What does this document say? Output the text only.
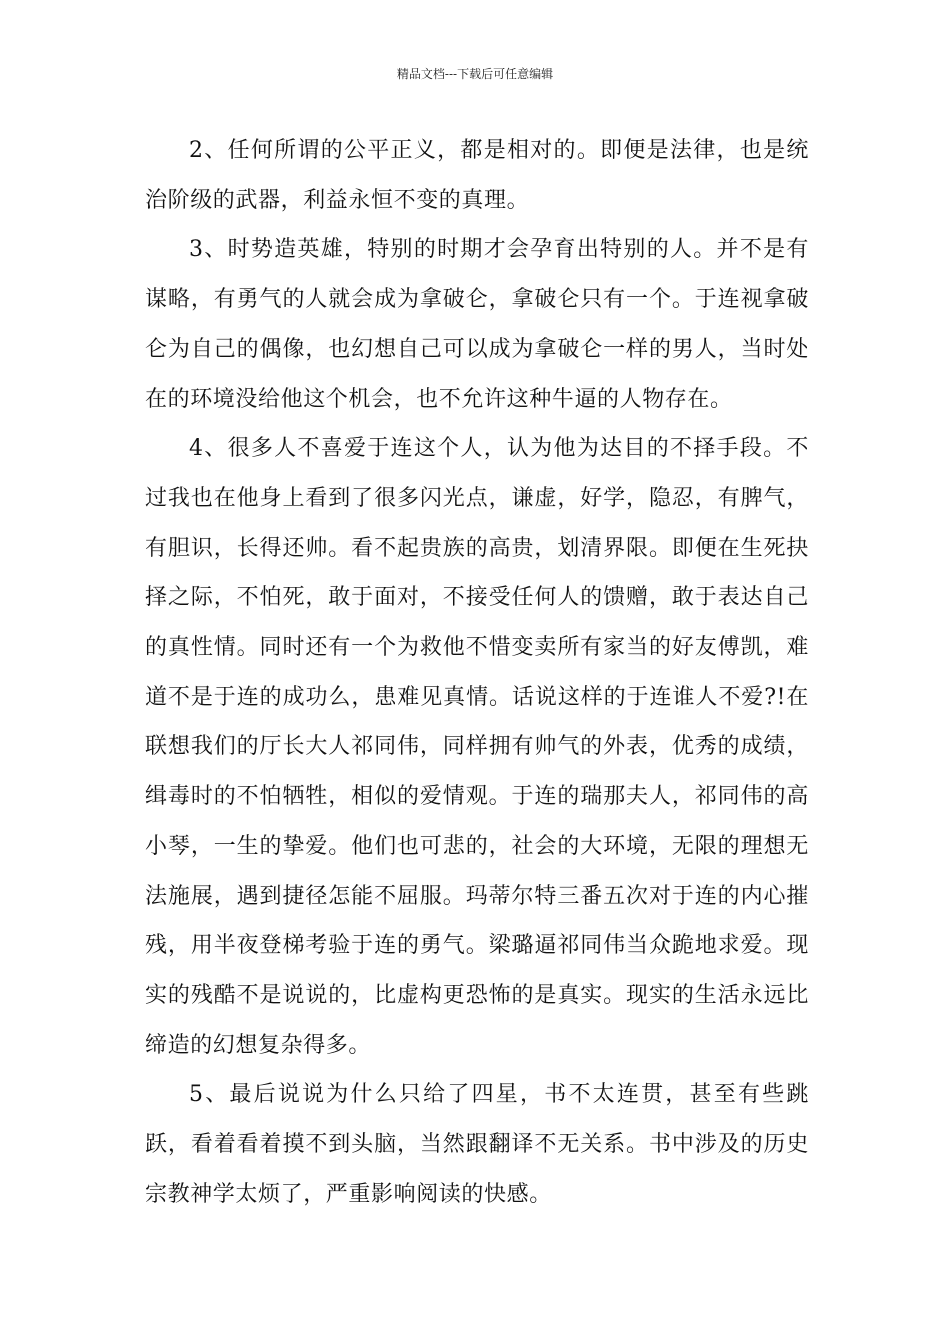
精品文档---下载后可任意编辑

2、任何所谓的公平正义，都是相对的。即便是法律，也是统治阶级的武器，利益永恒不变的真理。

3、时势造英雄，特别的时期才会孕育出特别的人。并不是有谋略，有勇气的人就会成为拿破仑，拿破仑只有一个。于连视拿破仑为自己的偶像，也幻想自己可以成为拿破仑一样的男人，当时处在的环境没给他这个机会，也不允许这种牛逼的人物存在。

4、很多人不喜爱于连这个人，认为他为达目的不择手段。不过我也在他身上看到了很多闪光点，谦虚，好学，隐忍，有脾气，有胆识，长得还帅。看不起贵族的高贵，划清界限。即便在生死抉择之际，不怕死，敢于面对，不接受任何人的馈赠，敢于表达自己的真性情。同时还有一个为救他不惜变卖所有家当的好友傅凯，难道不是于连的成功么，患难见真情。话说这样的于连谁人不爱?!在联想我们的厅长大人祁同伟，同样拥有帅气的外表，优秀的成绩，缉毒时的不怕牺牲，相似的爱情观。于连的瑞那夫人，祁同伟的高小琴，一生的挚爱。他们也可悲的，社会的大环境，无限的理想无法施展，遇到捷径怎能不屈服。玛蒂尔特三番五次对于连的内心摧残，用半夜登梯考验于连的勇气。梁璐逼祁同伟当众跪地求爱。现实的残酷不是说说的，比虚构更恐怖的是真实。现实的生活永远比缔造的幻想复杂得多。

5、最后说说为什么只给了四星，书不太连贯，甚至有些跳跃，看着看着摸不到头脑，当然跟翻译不无关系。书中涉及的历史宗教神学太烦了，严重影响阅读的快感。
